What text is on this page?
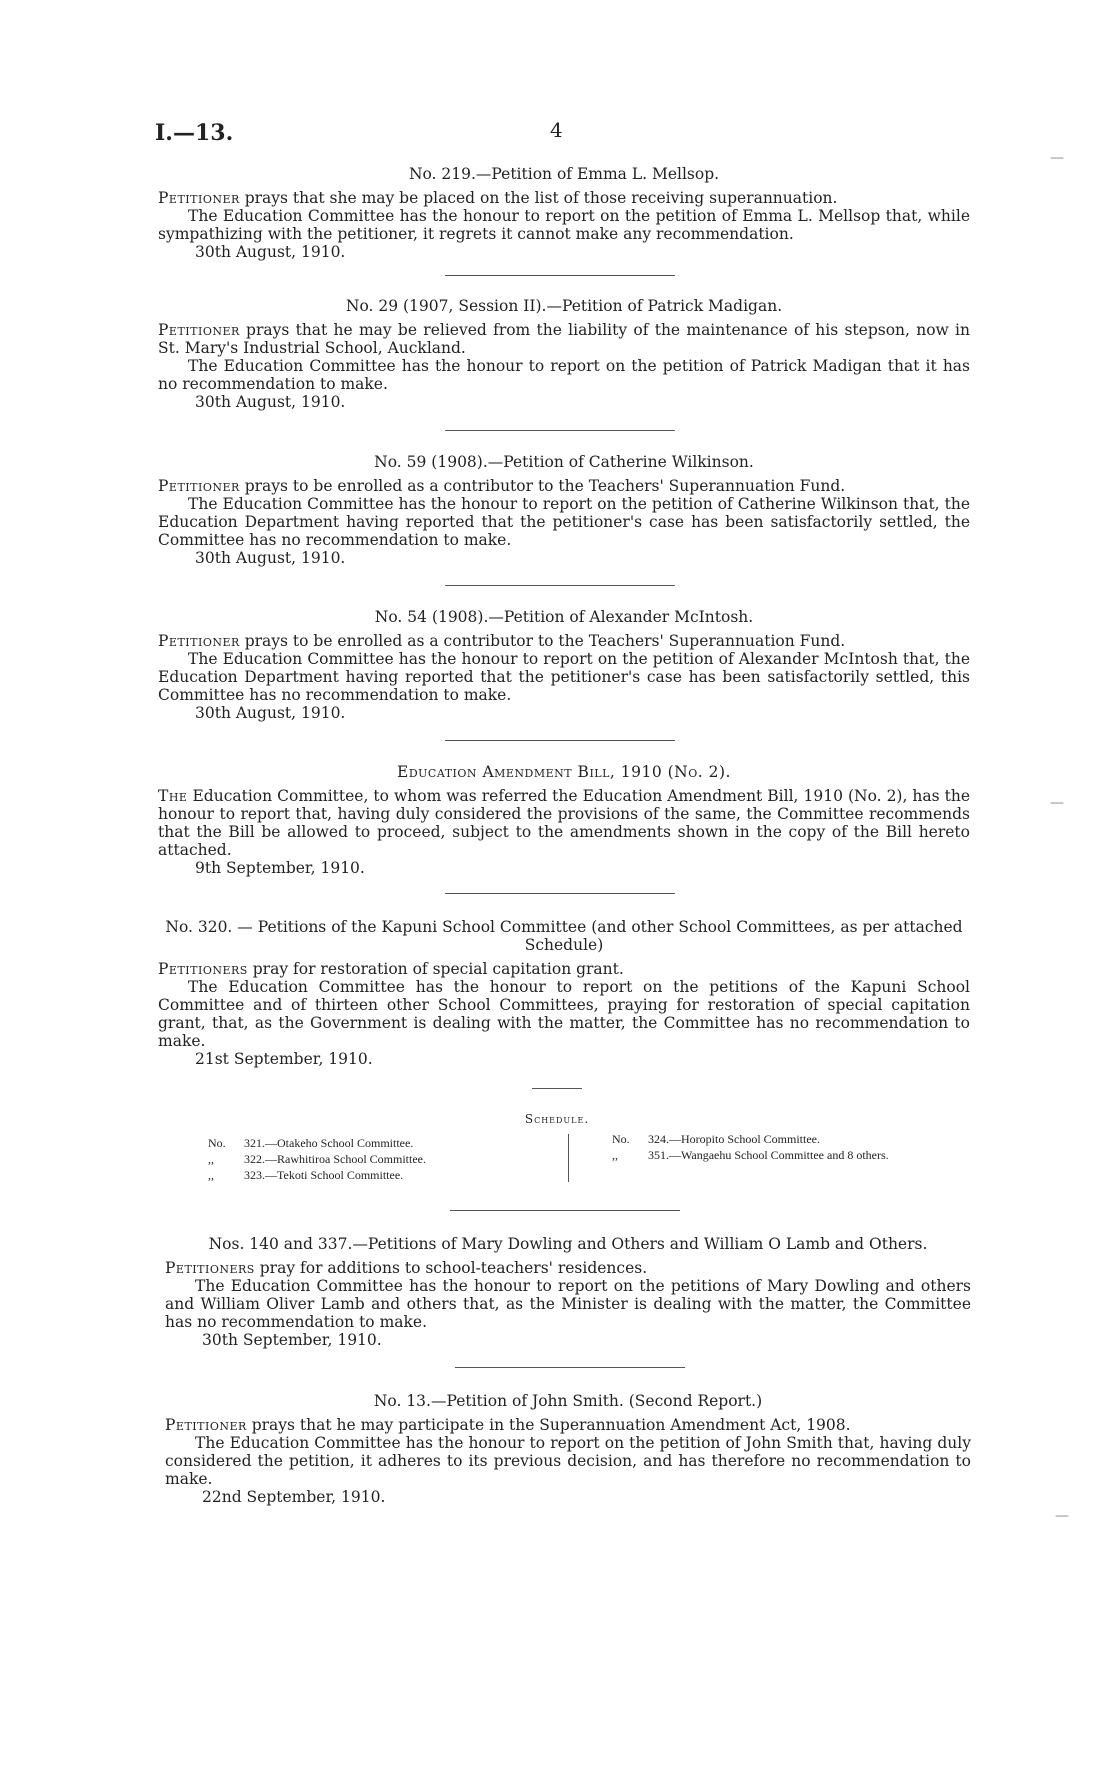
I.—13.	4

No. 219.—Petition of Emma L. Mellsop.

Petitioner prays that she may be placed on the list of those receiving superannuation.

The Education Committee has the honour to report on the petition of Emma L. Mellsop that, while sympathizing with the petitioner, it regrets it cannot make any recommendation.

30th August, 1910.

No. 29 (1907, Session II).—Petition of Patrick Madigan.

Petitioner prays that he may be relieved from the liability of the maintenance of his stepson, now in St. Mary's Industrial School, Auckland.

The Education Committee has the honour to report on the petition of Patrick Madigan that it has no recommendation to make.

30th August, 1910.

No. 59 (1908).—Petition of Catherine Wilkinson.

Petitioner prays to be enrolled as a contributor to the Teachers' Superannuation Fund.

The Education Committee has the honour to report on the petition of Catherine Wilkinson that, the Education Department having reported that the petitioner's case has been satisfactorily settled, the Committee has no recommendation to make.

30th August, 1910.

No. 54 (1908).—Petition of Alexander McIntosh.

Petitioner prays to be enrolled as a contributor to the Teachers' Superannuation Fund.

The Education Committee has the honour to report on the petition of Alexander McIntosh that, the Education Department having reported that the petitioner's case has been satisfactorily settled, this Committee has no recommendation to make.

30th August, 1910.

Education Amendment Bill, 1910 (No. 2).

The Education Committee, to whom was referred the Education Amendment Bill, 1910 (No. 2), has the honour to report that, having duly considered the provisions of the same, the Committee recommends that the Bill be allowed to proceed, subject to the amendments shown in the copy of the Bill hereto attached.

9th September, 1910.

No. 320. — Petitions of the Kapuni School Committee (and other School Committees, as per attached Schedule)

Petitioners pray for restoration of special capitation grant.

The Education Committee has the honour to report on the petitions of the Kapuni School Committee and of thirteen other School Committees, praying for restoration of special capitation grant, that, as the Government is dealing with the matter, the Committee has no recommendation to make.

21st September, 1910.

Schedule.
No. 321.—Otakeho School Committee.
,,	322.—Rawhitiroa School Committee.
,,	323.—Tekoti School Committee.
No. 324.—Horopito School Committee.
,,	351.—Wangaehu School Committee and 8 others.

Nos. 140 and 337.—Petitions of Mary Dowling and Others and William O Lamb and Others.

Petitioners pray for additions to school-teachers' residences.

The Education Committee has the honour to report on the petitions of Mary Dowling and others and William Oliver Lamb and others that, as the Minister is dealing with the matter, the Committee has no recommendation to make.

30th September, 1910.

No. 13.—Petition of John Smith. (Second Report.)

Petitioner prays that he may participate in the Superannuation Amendment Act, 1908.

The Education Committee has the honour to report on the petition of John Smith that, having duly considered the petition, it adheres to its previous decision, and has therefore no recommendation to make.

22nd September, 1910.

—
—
—
